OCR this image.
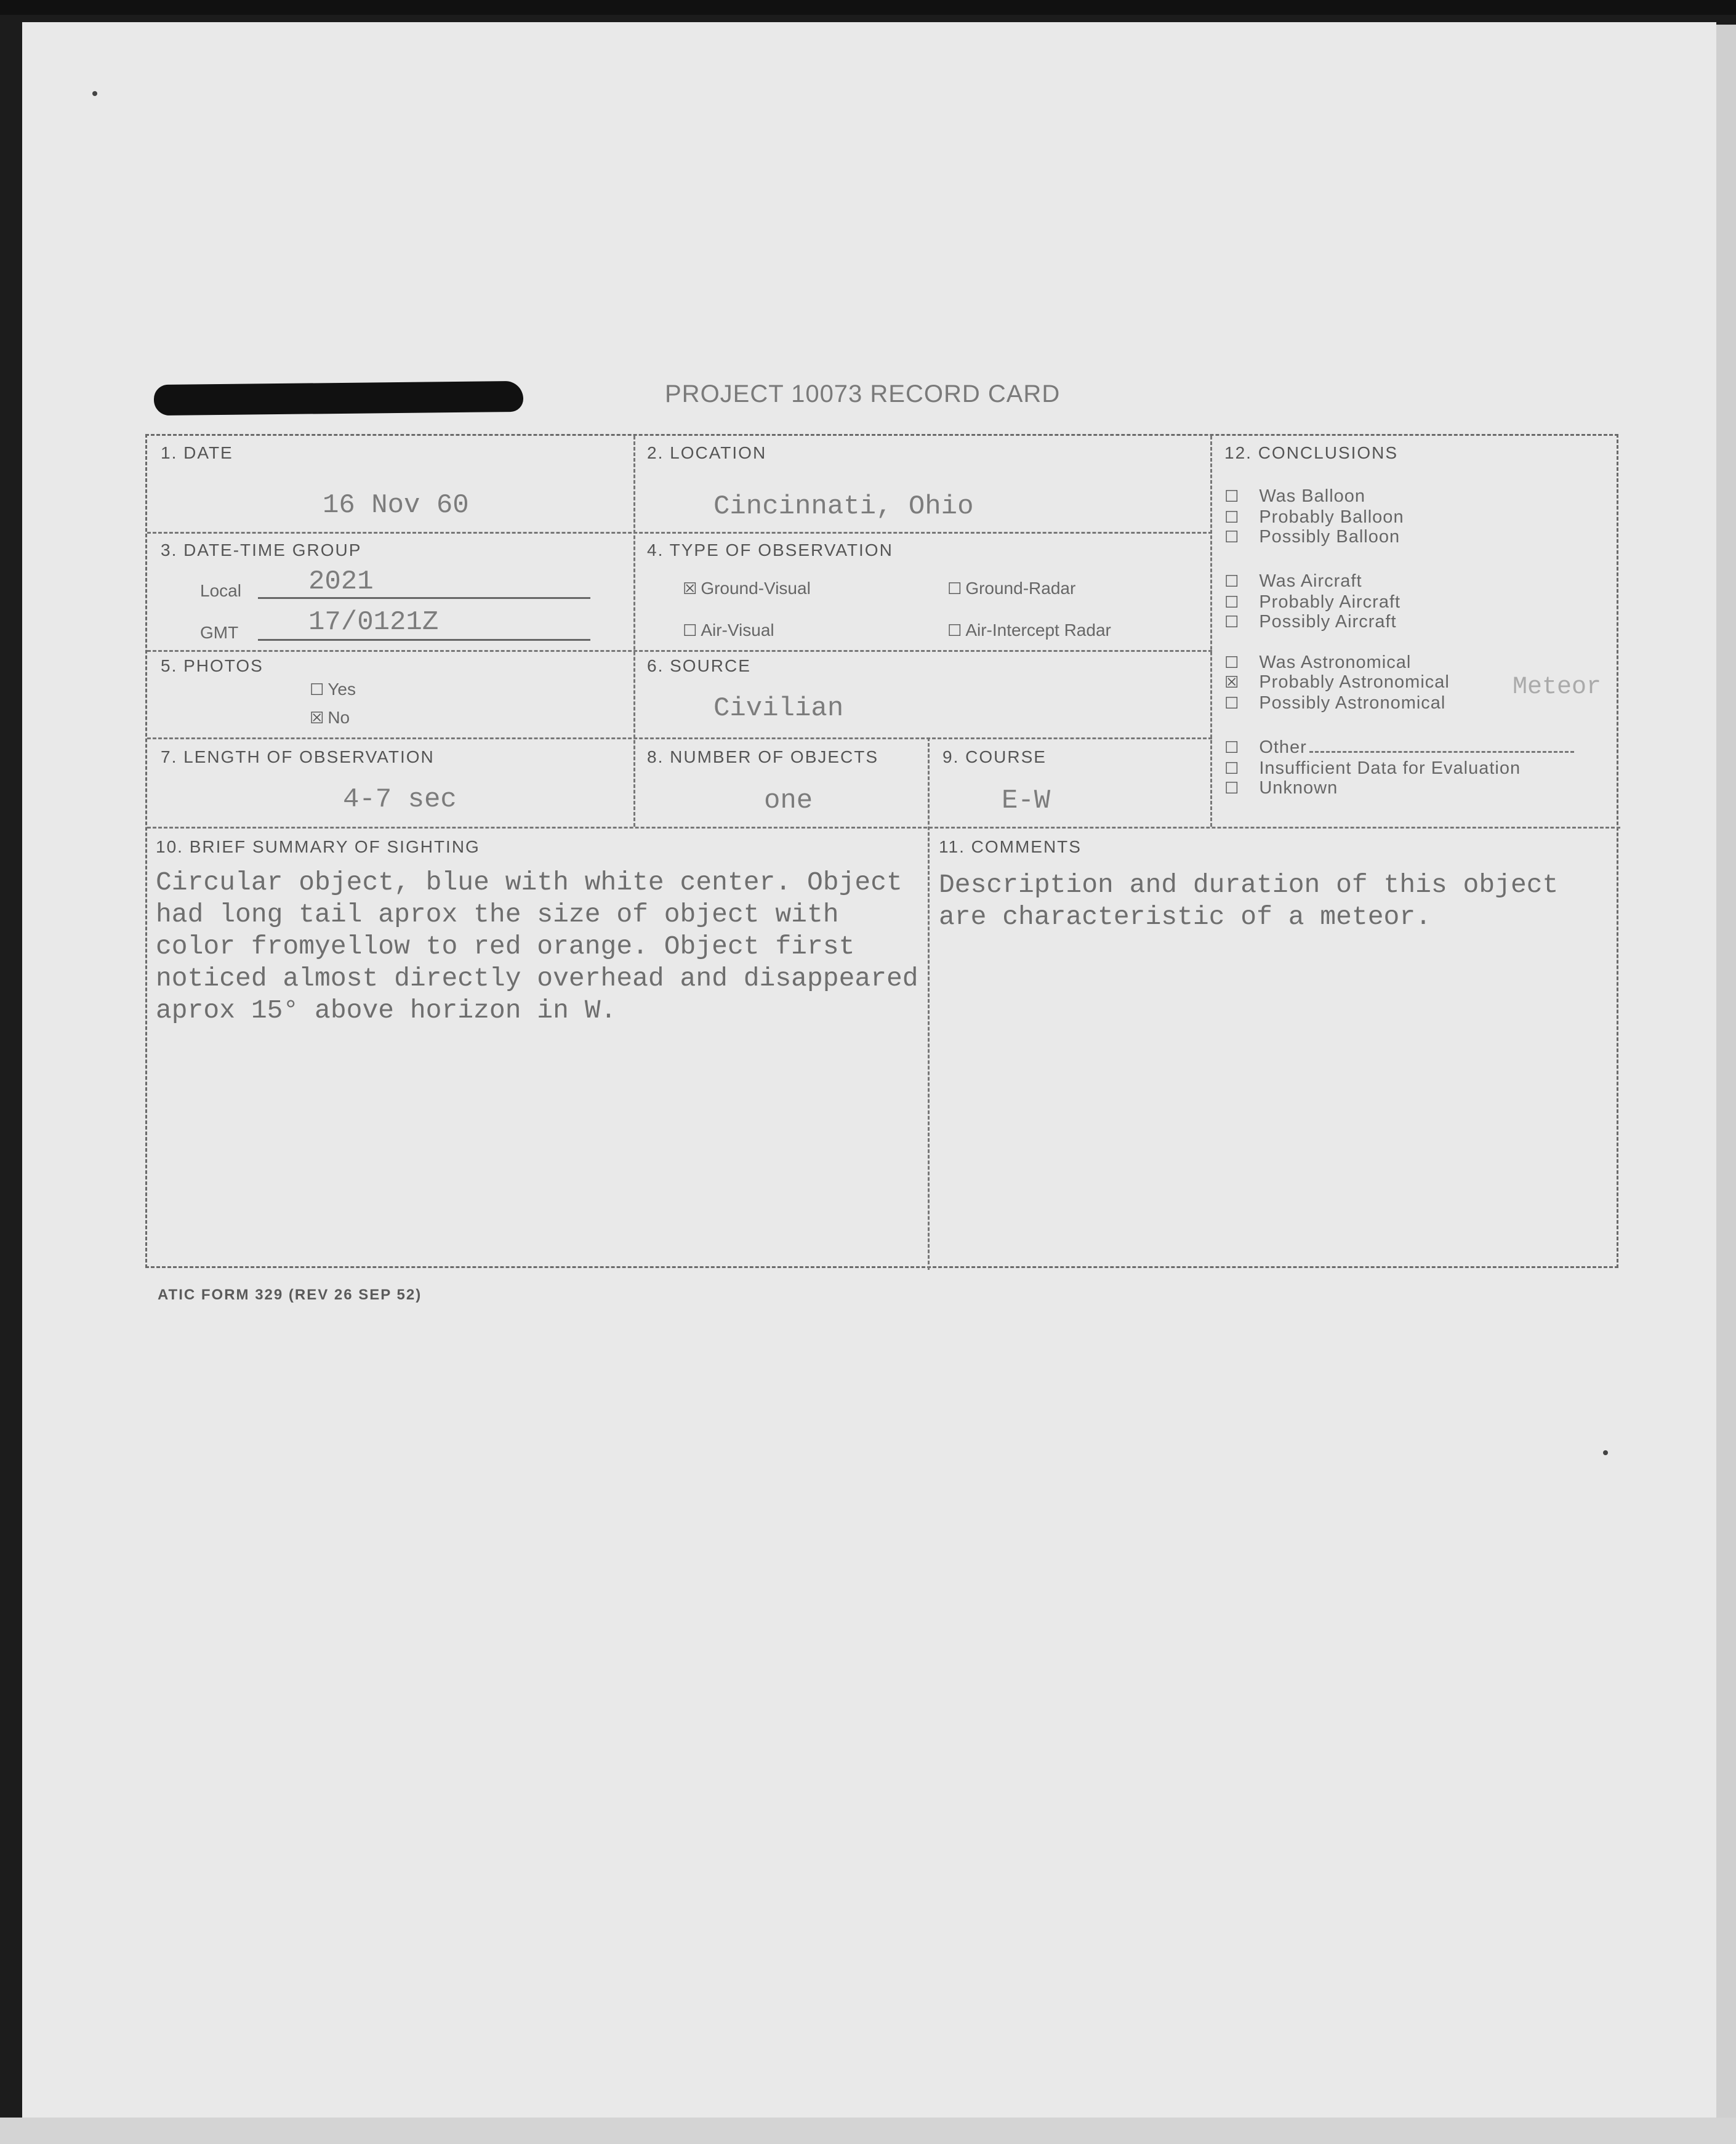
PROJECT 10073 RECORD CARD
1. DATE
16 Nov 60
2. LOCATION
Cincinnati, Ohio
3. DATE-TIME GROUP
Local 2021
GMT	17/0121Z
4. TYPE OF OBSERVATION
☒ Ground-Visual	☐ Ground-Radar
☐ Air-Visual	☐ Air-Intercept Radar
5. PHOTOS
☐ Yes
☒ No
6. SOURCE
Civilian
7. LENGTH OF OBSERVATION
4-7 sec
8. NUMBER OF OBJECTS
one
9. COURSE
E-W
12. CONCLUSIONS
☐ Was Balloon
☐ Probably Balloon
☐ Possibly Balloon
☐ Was Aircraft
☐ Probably Aircraft
☐ Possibly Aircraft
☐ Was Astronomical
☒ Probably Astronomical
☐ Possibly Astronomical
☐ Other
☐ Insufficient Data for Evaluation
☐ Unknown
Meteor
10. BRIEF SUMMARY OF SIGHTING
Circular object, blue with white center. Object
had long tail aprox the size of object with
color fromyellow to red orange. Object first
noticed almost directly overhead and disappeared
aprox 15° above horizon in W.
11. COMMENTS
Description and duration of this object
are characteristic of a meteor.
ATIC FORM 329 (REV 26 SEP 52)
